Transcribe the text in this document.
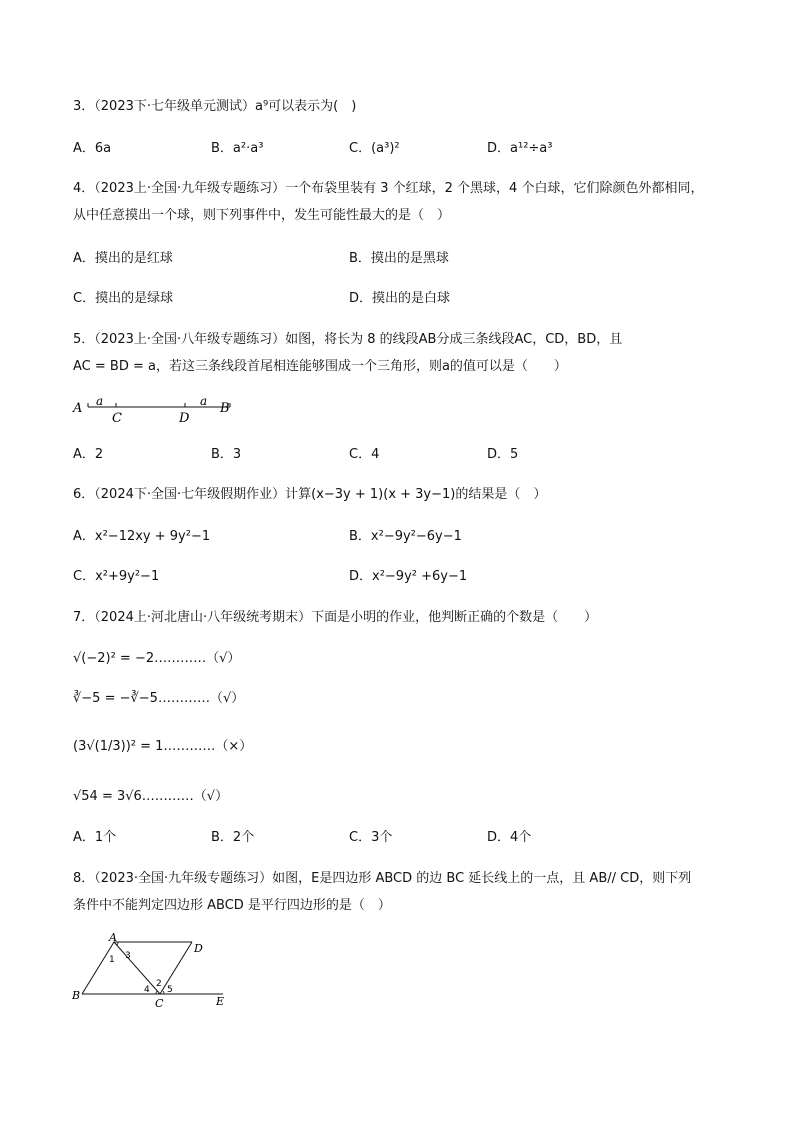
3．（2023下·七年级单元测试）a⁹可以表示为(　)
A．6a	B．a²·a³	C．(a³)²	D．a¹²÷a³
4．（2023上·全国·九年级专题练习）一个布袋里装有 3 个红球，2 个黑球，4 个白球，它们除颜色外都相同，
从中任意摸出一个球，则下列事件中，发生可能性最大的是（　）
A．摸出的是红球	B．摸出的是黑球
C．摸出的是绿球	D．摸出的是白球
5．（2023上·全国·八年级专题练习）如图，将长为 8 的线段AB分成三条线段AC，CD，BD，且
AC = BD = a，若这三条线段首尾相连能够围成一个三角形，则a的值可以是（　　）
A a
C	D
a B
A．2	B．3	C．4	D．5
6．（2024下·全国·七年级假期作业）计算(x−3y + 1)(x + 3y−1)的结果是（　）
A．x²−12xy + 9y²−1	B．x²−9y²−6y−1
C．x²+9y²−1	D．x²−9y² +6y−1
7．（2024上·河北唐山·八年级统考期末）下面是小明的作业，他判断正确的个数是（　　）
√(−2)² = −2…………（√）
∛−5 = −∛−5…………（√）
(3√(1/3))² = 1…………（×）
√54 = 3√6…………（√）
A．1个	B．2个	C．3个	D．4个
8．（2023·全国·九年级专题练习）如图，E是四边形 ABCD 的边 BC 延长线上的一点，且 AB// CD，则下列
条件中不能判定四边形 ABCD 是平行四边形的是（　）
A
D
B
C	E
1 3
2
4 5
